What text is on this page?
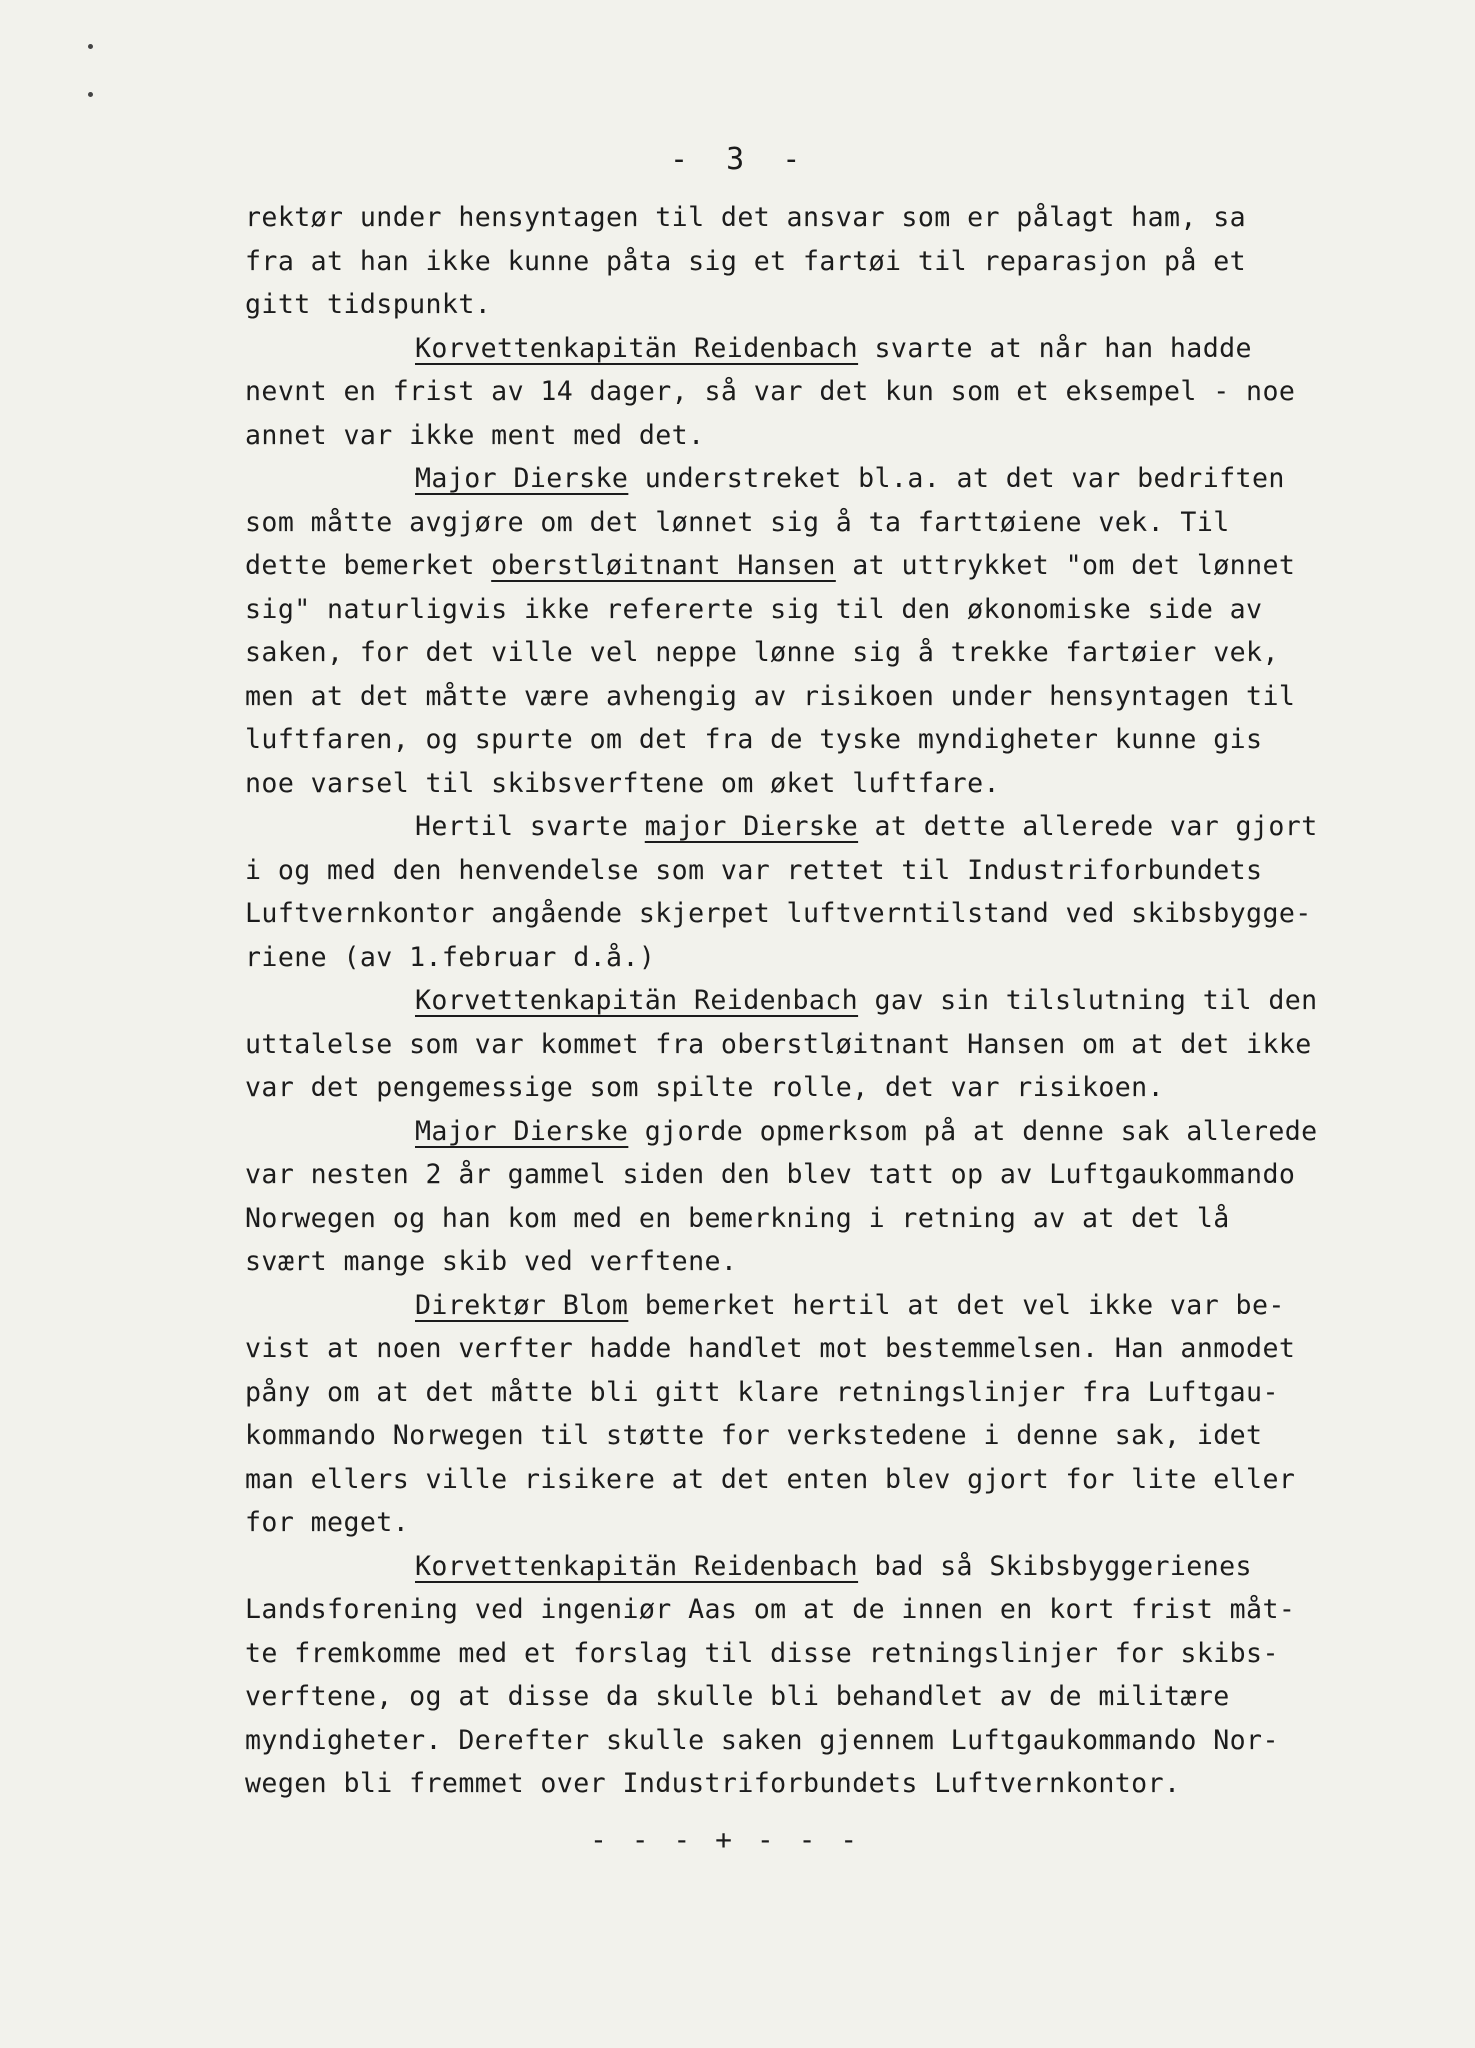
- 3 -
rektør under hensyntagen til det ansvar som er pålagt ham, sa
fra at han ikke kunne påta sig et fartøi til reparasjon på et
gitt tidspunkt.
Korvettenkapitän Reidenbach svarte at når han hadde
nevnt en frist av 14 dager, så var det kun som et eksempel - noe
annet var ikke ment med det.
Major Dierske understreket bl.a. at det var bedriften
som måtte avgjøre om det lønnet sig å ta farttøiene vek. Til
dette bemerket oberstløitnant Hansen at uttrykket "om det lønnet
sig" naturligvis ikke refererte sig til den økonomiske side av
saken, for det ville vel neppe lønne sig å trekke fartøier vek,
men at det måtte være avhengig av risikoen under hensyntagen til
luftfaren, og spurte om det fra de tyske myndigheter kunne gis
noe varsel til skibsverftene om øket luftfare.
Hertil svarte major Dierske at dette allerede var gjort
i og med den henvendelse som var rettet til Industriforbundets
Luftvernkontor angående skjerpet luftverntilstand ved skibsbygge-
riene (av 1.februar d.å.)
Korvettenkapitän Reidenbach gav sin tilslutning til den
uttalelse som var kommet fra oberstløitnant Hansen om at det ikke
var det pengemessige som spilte rolle, det var risikoen.
Major Dierske gjorde opmerksom på at denne sak allerede
var nesten 2 år gammel siden den blev tatt op av Luftgaukommando
Norwegen og han kom med en bemerkning i retning av at det lå
svært mange skib ved verftene.
Direktør Blom bemerket hertil at det vel ikke var be-
vist at noen verfter hadde handlet mot bestemmelsen. Han anmodet
påny om at det måtte bli gitt klare retningslinjer fra Luftgau-
kommando Norwegen til støtte for verkstedene i denne sak, idet
man ellers ville risikere at det enten blev gjort for lite eller
for meget.
Korvettenkapitän Reidenbach bad så Skibsbyggerienes
Landsforening ved ingeniør Aas om at de innen en kort frist måt-
te fremkomme med et forslag til disse retningslinjer for skibs-
verftene, og at disse da skulle bli behandlet av de militære
myndigheter. Derefter skulle saken gjennem Luftgaukommando Nor-
wegen bli fremmet over Industriforbundets Luftvernkontor.
- - - + - - -
